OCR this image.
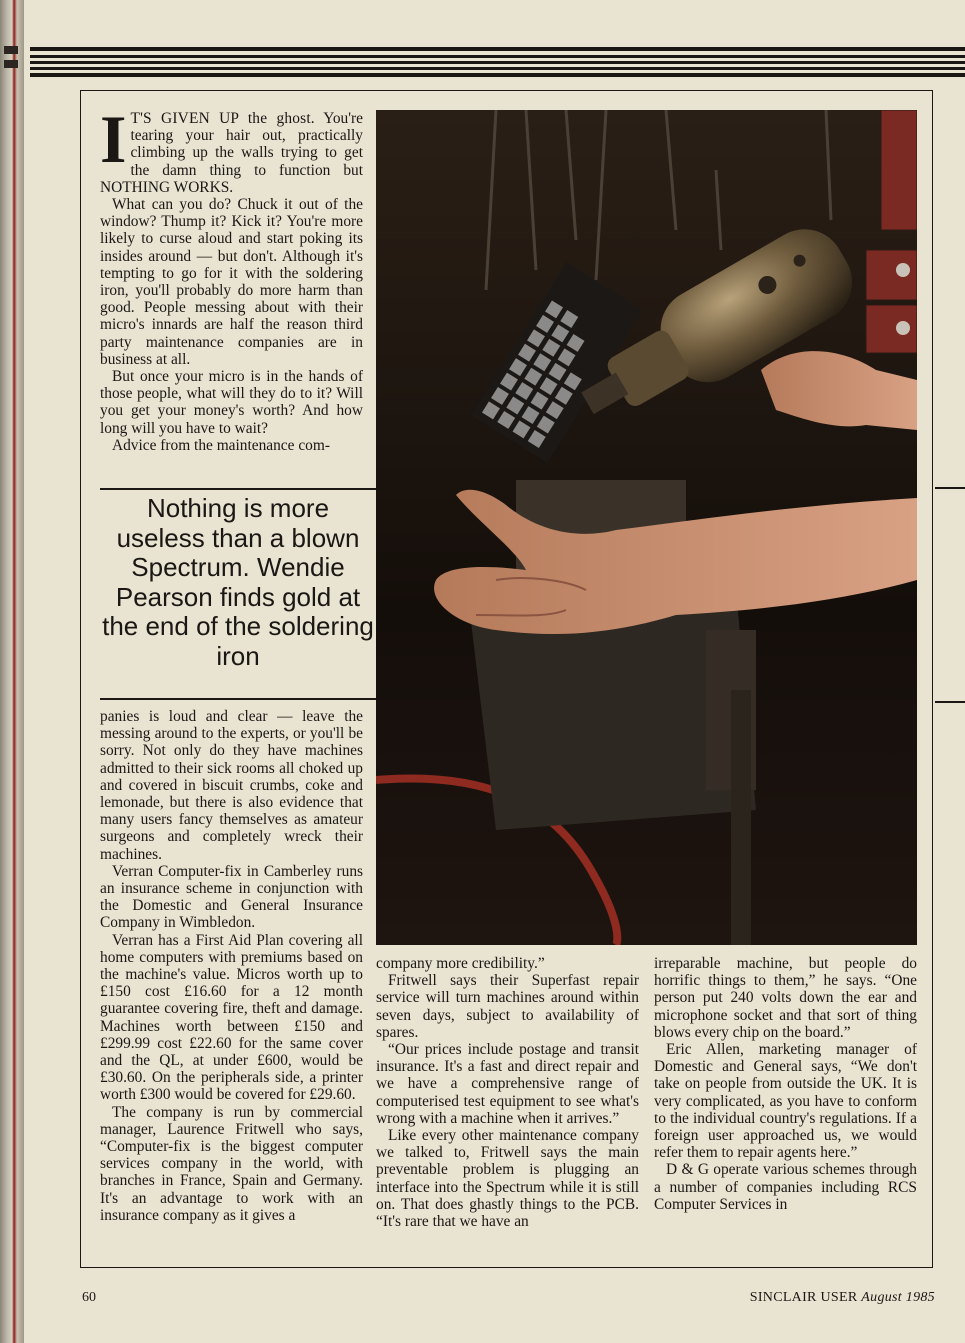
I T'S GIVEN UP the ghost. You're tearing your hair out, practically climbing up the walls trying to get the damn thing to function but NOTHING WORKS.

What can you do? Chuck it out of the window? Thump it? Kick it? You're more likely to curse aloud and start poking its insides around — but don't. Although it's tempting to go for it with the soldering iron, you'll probably do more harm than good. People messing about with their micro's innards are half the reason third party maintenance companies are in business at all.

But once your micro is in the hands of those people, what will they do to it? Will you get your money's worth? And how long will you have to wait?

Advice from the maintenance com-

Nothing is more useless than a blown Spectrum. Wendie Pearson finds gold at the end of the soldering iron

panies is loud and clear — leave the messing around to the experts, or you'll be sorry. Not only do they have machines admitted to their sick rooms all choked up and covered in biscuit crumbs, coke and lemonade, but there is also evidence that many users fancy themselves as amateur surgeons and completely wreck their machines.

Verran Computer-fix in Camberley runs an insurance scheme in conjunction with the Domestic and General Insurance Company in Wimbledon.

Verran has a First Aid Plan covering all home computers with premiums based on the machine's value. Micros worth up to £150 cost £16.60 for a 12 month guarantee covering fire, theft and damage. Machines worth between £150 and £299.99 cost £22.60 for the same cover and the QL, at under £600, would be £30.60. On the peripherals side, a printer worth £300 would be covered for £29.60.

The company is run by commercial manager, Laurence Fritwell who says, “Computer-fix is the biggest computer services company in the world, with branches in France, Spain and Germany. It's an advantage to work with an insurance company as it gives a

company more credibility.”

Fritwell says their Superfast repair service will turn machines around within seven days, subject to availability of spares.

“Our prices include postage and transit insurance. It's a fast and direct repair and we have a comprehensive range of computerised test equipment to see what's wrong with a machine when it arrives.”

Like every other maintenance company we talked to, Fritwell says the main preventable problem is plugging an interface into the Spectrum while it is still on. That does ghastly things to the PCB. “It's rare that we have an

irreparable machine, but people do horrific things to them,” he says. “One person put 240 volts down the ear and microphone socket and that sort of thing blows every chip on the board.”

Eric Allen, marketing manager of Domestic and General says, “We don't take on people from outside the UK. It is very complicated, as you have to conform to the individual country's regulations. If a foreign user approached us, we would refer them to repair agents here.”

D & G operate various schemes through a number of companies including RCS Computer Services in

60	SINCLAIR USER August 1985
